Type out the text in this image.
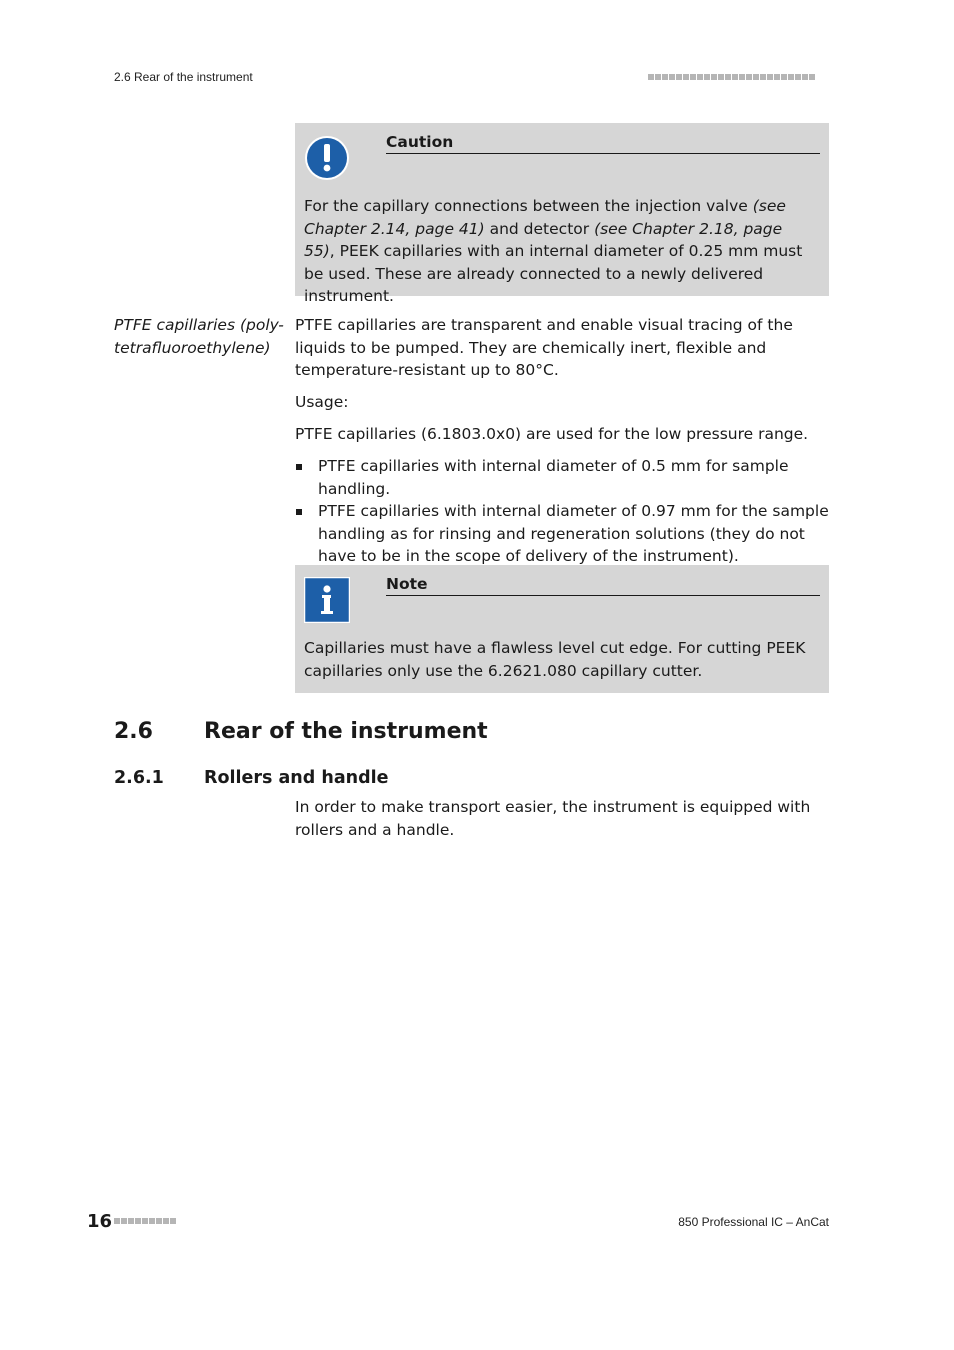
2.6 Rear of the instrument
Caution
For the capillary connections between the injection valve (see Chapter 2.14, page 41) and detector (see Chapter 2.18, page 55), PEEK capillaries with an internal diameter of 0.25 mm must be used. These are already connected to a newly delivered instrument.
PTFE capillaries (poly-tetrafluoroethylene)
PTFE capillaries are transparent and enable visual tracing of the liquids to be pumped. They are chemically inert, flexible and temperature-resistant up to 80°C.
Usage:
PTFE capillaries (6.1803.0x0) are used for the low pressure range.
PTFE capillaries with internal diameter of 0.5 mm for sample handling.
PTFE capillaries with internal diameter of 0.97 mm for the sample handling as for rinsing and regeneration solutions (they do not have to be in the scope of delivery of the instrument).
Note
Capillaries must have a flawless level cut edge. For cutting PEEK capillaries only use the 6.2621.080 capillary cutter.
2.6 Rear of the instrument
2.6.1 Rollers and handle
In order to make transport easier, the instrument is equipped with rollers and a handle.
16	850 Professional IC – AnCat
